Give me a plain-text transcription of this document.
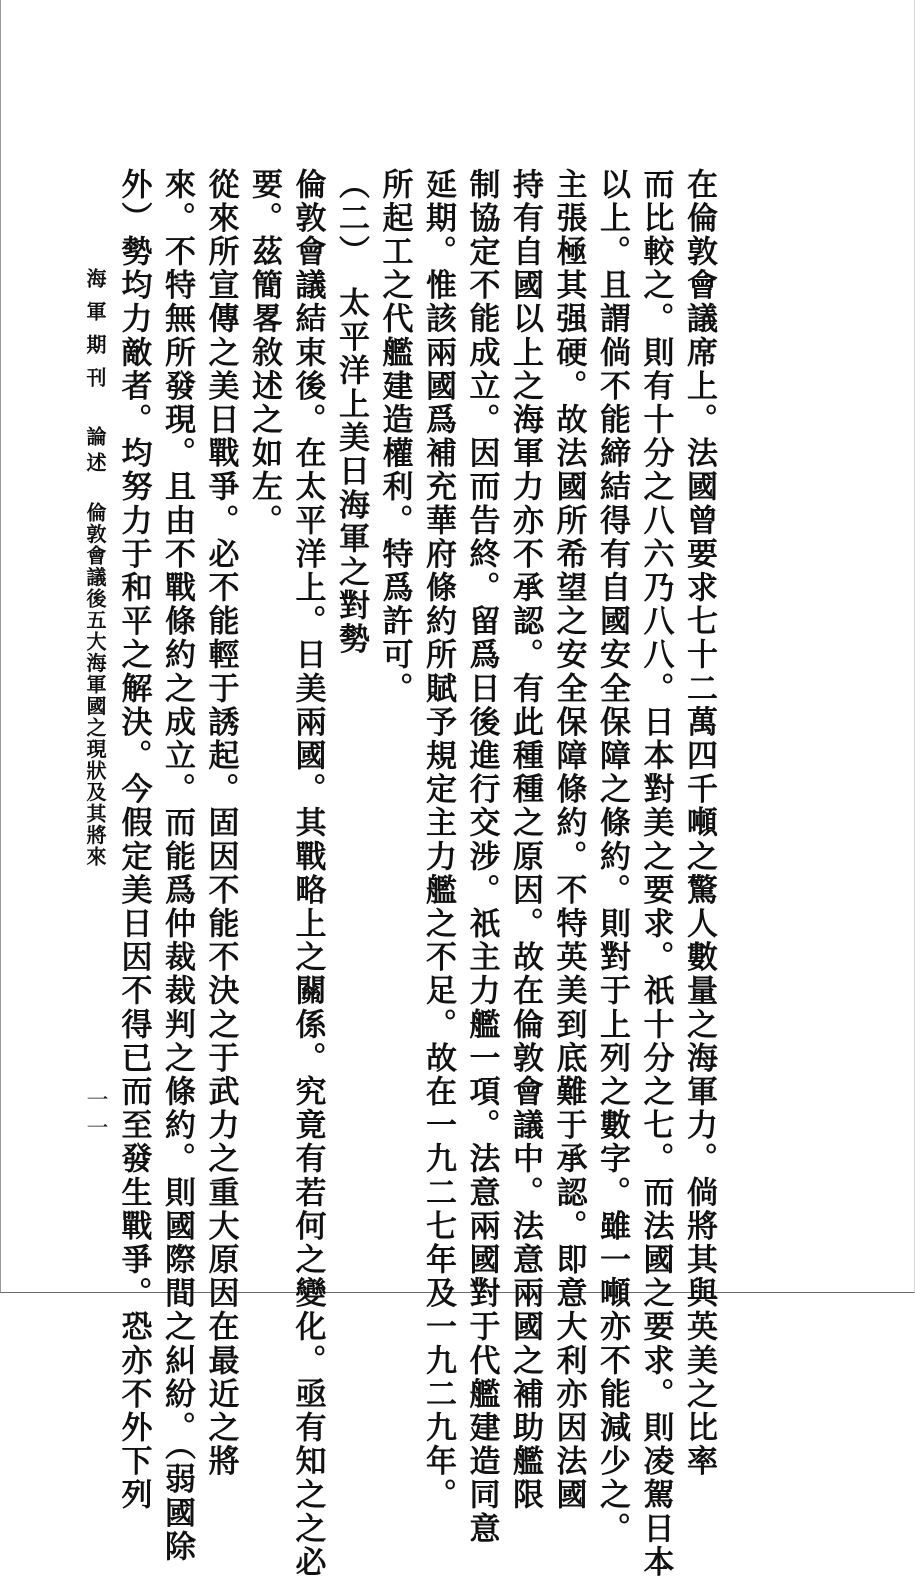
在倫敦會議席上。法國曾要求七十二萬四千噸之驚人數量之海軍力。倘將其與英美之比率
而比較之。則有十分之八六乃八八。日本對美之要求。祇十分之七。而法國之要求。則凌駕日本
以上。且謂倘不能締結得有自國安全保障之條約。則對于上列之數字。雖一噸亦不能減少之。
主張極其强硬。故法國所希望之安全保障條約。不特英美到底難于承認。即意大利亦因法國
持有自國以上之海軍力亦不承認。有此種種之原因。故在倫敦會議中。法意兩國之補助艦限
制協定不能成立。因而告終。留爲日後進行交涉。祇主力艦一項。法意兩國對于代艦建造同意
延期。惟該兩國爲補充華府條約所賦予規定主力艦之不足。故在一九二七年及一九二九年。
所起工之代艦建造權利。特爲許可。
（二）　太平洋上美日海軍之對勢
倫敦會議結束後。在太平洋上。日美兩國。其戰略上之關係。究竟有若何之變化。亟有知之之必
要。茲簡畧敘述之如左。
從來所宣傳之美日戰爭。必不能輕于誘起。固因不能不決之于武力之重大原因在最近之將
來。不特無所發現。且由不戰條約之成立。而能爲仲裁裁判之條約。則國際間之糾紛。（弱國除
外）勢均力敵者。均努力于和平之解決。今假定美日因不得已而至發生戰爭。恐亦不外下列
海軍期刊論述倫敦會議後五大海軍國之現狀及其將來
一一
